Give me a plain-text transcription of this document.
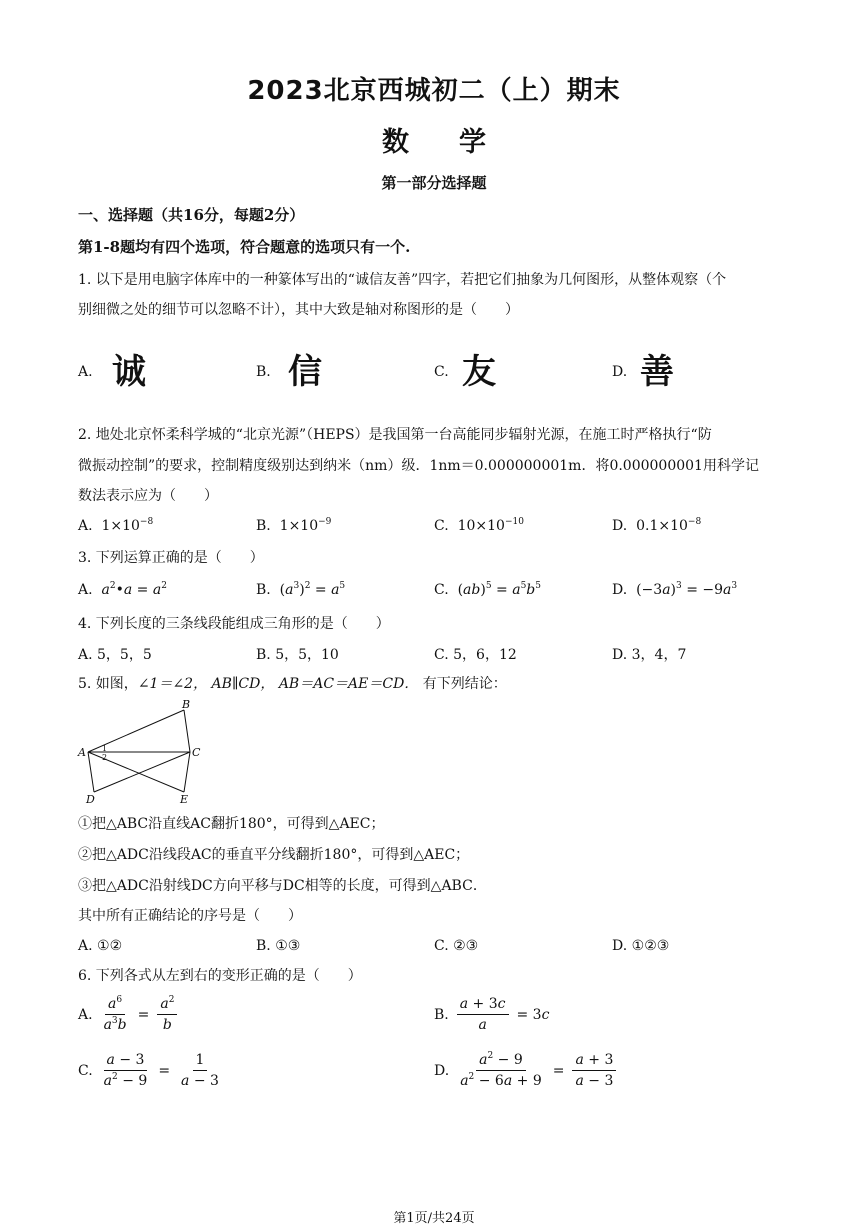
2023北京西城初二（上）期末
数学
第一部分选择题
一、选择题（共16分，每题2分）
第1-8题均有四个选项，符合题意的选项只有一个.
1. 以下是用电脑字体库中的一种篆体写出的“诚信友善”四字，若把它们抽象为几何图形，从整体观察（个
别细微之处的细节可以忽略不计），其中大致是轴对称图形的是（　　）
A. 诚	B. 信	C. 友	D. 善
2. 地处北京怀柔科学城的“北京光源”（HEPS）是我国第一台高能同步辐射光源，在施工时严格执行“防
微振动控制”的要求，控制精度级别达到纳米（nm）级．1nm＝0.000000001m．将0.000000001用科学记
数法表示应为（　　）
A. $1\times 10^{-8}$	B. $1\times 10^{-9}$	C. $10\times 10^{-10}$	D. $0.1\times 10^{-8}$
3. 下列运算正确的是（　　）
A. $a^2•a = a^2$	B.  $(a^3)^2 = a^5$	C.  $(ab)^5 = a^5b^5$	D.  $(-3a)^3 = -9a^3$
4. 下列长度的三条线段能组成三角形的是（　　）
A. 5，5，5	B. 5，5，10	C. 5，6，12	D. 3，4，7
5. 如图，∠1＝∠2， AB∥CD， AB＝AC＝AE＝CD． 有下列结论：
A
B
C
D	E
1
2
①把△ABC沿直线AC翻折180°，可得到△AEC；
②把△ADC沿线段AC的垂直平分线翻折180°，可得到△AEC；
③把△ADC沿射线DC方向平移与DC相等的长度，可得到△ABC．
其中所有正确结论的序号是（　　）
A. ①②	B. ①③	C. ②③	D. ①②③
6. 下列各式从左到右的变形正确的是（　　）
A. $\frac{a^6}{a^3b} = \frac{a^2}{b}$	B. $\frac{a + 3c}{a} = 3c$
C. $\frac{a - 3}{a^2 - 9} = \frac{1}{a - 3}$	D. $\frac{a^2 - 9}{a^2 - 6a + 9} = \frac{a + 3}{a - 3}$
第1页/共24页
